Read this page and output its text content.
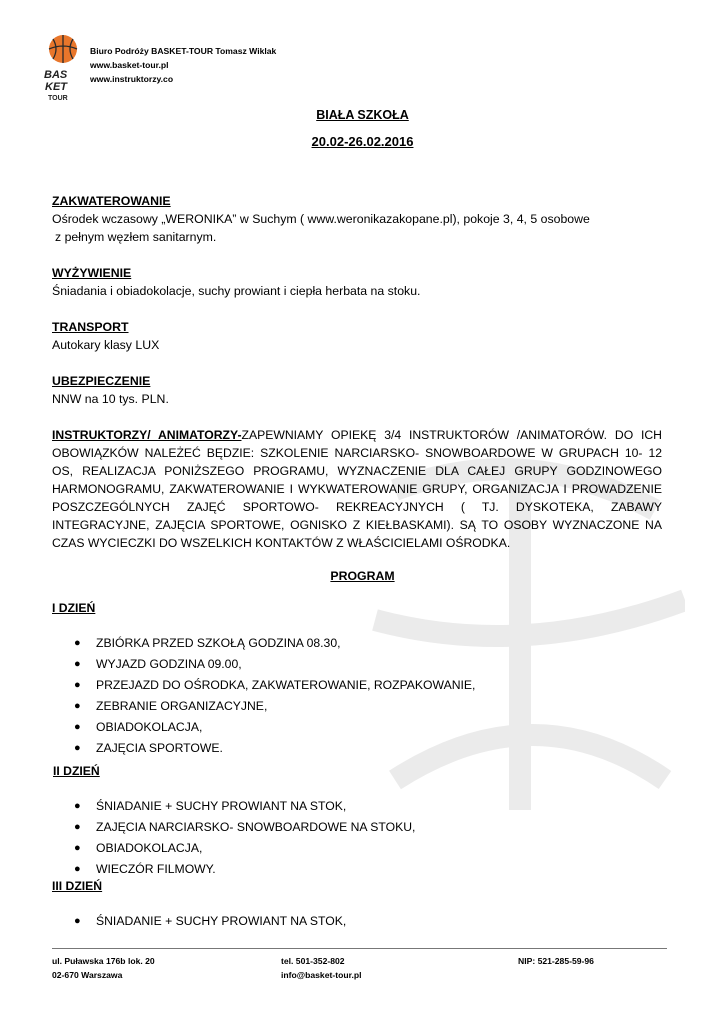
BAS
KET
TOUR
Biuro Podróży BASKET-TOUR Tomasz Wiklak
www.basket-tour.pl
www.instruktorzy.co
BIAŁA SZKOŁA
20.02-26.02.2016
ZAKWATEROWANIE
Ośrodek wczasowy „WERONIKA” w Suchym ( www.weronikazakopane.pl), pokoje 3, 4, 5 osobowe
z pełnym węzłem sanitarnym.
WYŻYWIENIE
Śniadania i obiadokolacje, suchy prowiant i ciepła herbata na stoku.
TRANSPORT
Autokary klasy LUX
UBEZPIECZENIE
NNW na 10 tys. PLN.
INSTRUKTORZY/ ANIMATORZY-ZAPEWNIAMY OPIEKĘ 3/4 INSTRUKTORÓW /ANIMATORÓW. DO ICH OBOWIĄZKÓW NALEŻEĆ BĘDZIE: SZKOLENIE NARCIARSKO- SNOWBOARDOWE W GRUPACH 10- 12 OS, REALIZACJA PONIŻSZEGO PROGRAMU, WYZNACZENIE DLA CAŁEJ GRUPY GODZINOWEGO HARMONOGRAMU, ZAKWATEROWANIE I WYKWATEROWANIE GRUPY, ORGANIZACJA I PROWADZENIE POSZCZEGÓLNYCH ZAJĘĆ SPORTOWO- REKREACYJNYCH ( TJ. DYSKOTEKA, ZABAWY INTEGRACYJNE, ZAJĘCIA SPORTOWE, OGNISKO Z KIEŁBASKAMI). SĄ TO OSOBY WYZNACZONE NA CZAS WYCIECZKI DO WSZELKICH KONTAKTÓW Z WŁAŚCICIELAMI OŚRODKA.
PROGRAM
I DZIEŃ
● ZBIÓRKA PRZED SZKOŁĄ GODZINA 08.30,
● WYJAZD GODZINA 09.00,
● PRZEJAZD DO OŚRODKA, ZAKWATEROWANIE, ROZPAKOWANIE,
● ZEBRANIE ORGANIZACYJNE,
● OBIADOKOLACJA,
● ZAJĘCIA SPORTOWE.
II DZIEŃ
● ŚNIADANIE + SUCHY PROWIANT NA STOK,
● ZAJĘCIA NARCIARSKO- SNOWBOARDOWE NA STOKU,
● OBIADOKOLACJA,
● WIECZÓR FILMOWY.
III DZIEŃ
● ŚNIADANIE + SUCHY PROWIANT NA STOK,
ul. Puławska 176b lok. 20
02-670 Warszawa
tel. 501-352-802
info@basket-tour.pl
NIP: 521-285-59-96
